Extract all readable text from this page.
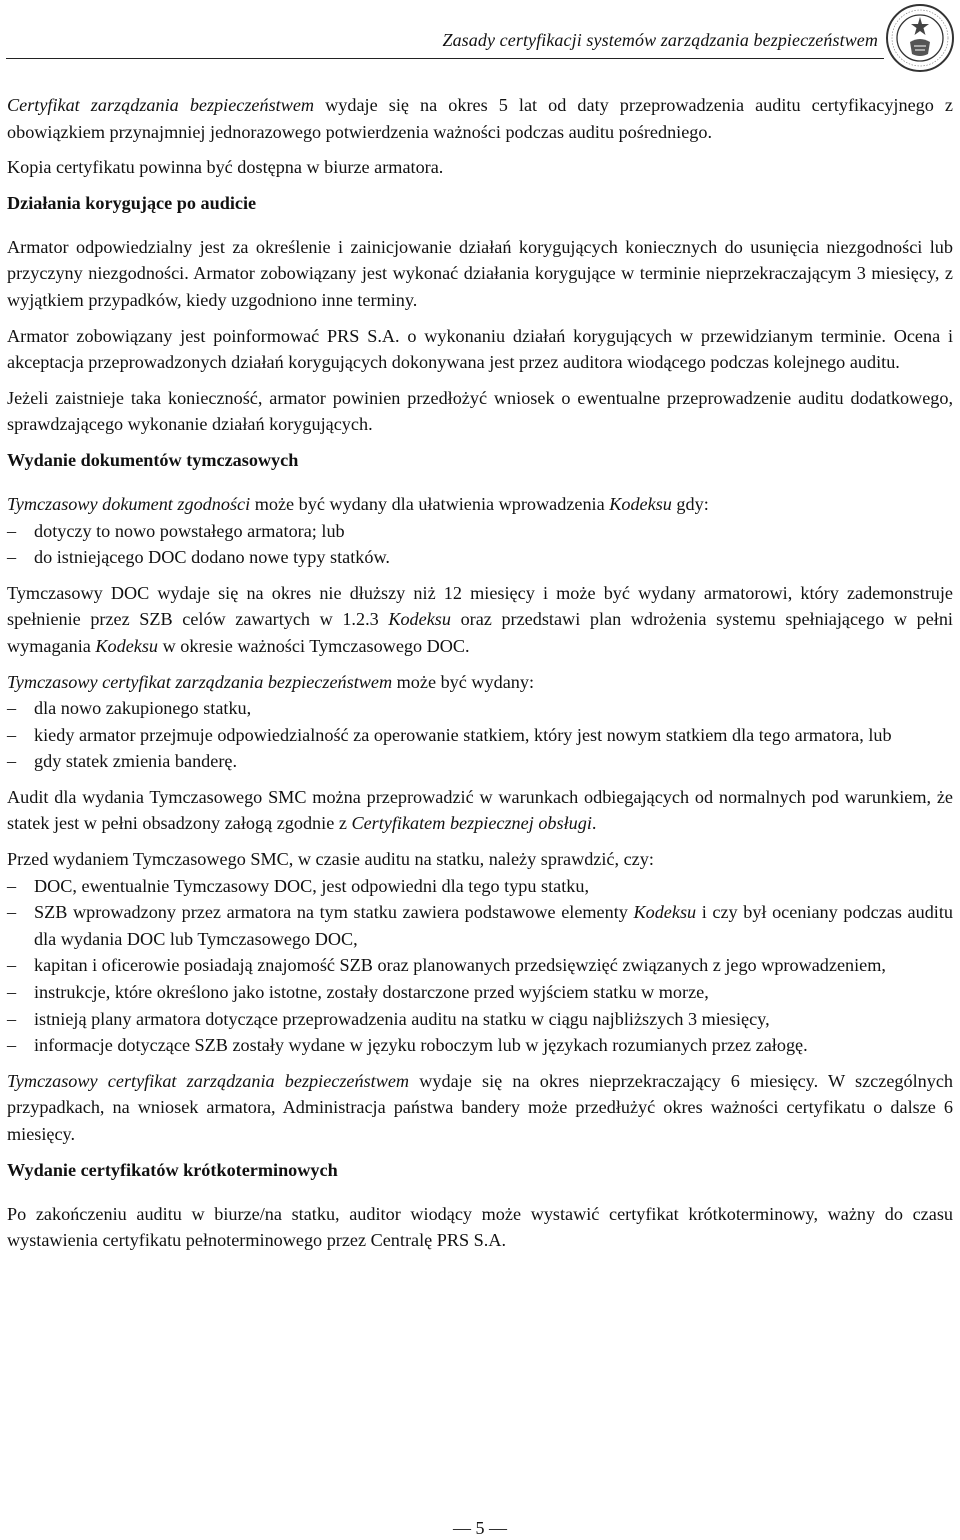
Zasady certyfikacji systemów zarządzania bezpieczeństwem

Certyfikat zarządzania bezpieczeństwem wydaje się na okres 5 lat od daty przeprowadzenia auditu certyfikacyjnego z obowiązkiem przynajmniej jednorazowego potwierdzenia ważności podczas auditu pośredniego.

Kopia certyfikatu powinna być dostępna w biurze armatora.

Działania korygujące po audicie

Armator odpowiedzialny jest za określenie i zainicjowanie działań korygujących koniecznych do usunięcia niezgodności lub przyczyny niezgodności. Armator zobowiązany jest wykonać działania korygujące w terminie nieprzekraczającym 3 miesięcy, z wyjątkiem przypadków, kiedy uzgodniono inne terminy.

Armator zobowiązany jest poinformować PRS S.A. o wykonaniu działań korygujących w przewidzianym terminie. Ocena i akceptacja przeprowadzonych działań korygujących dokonywana jest przez auditora wiodącego podczas kolejnego auditu.

Jeżeli zaistnieje taka konieczność, armator powinien przedłożyć wniosek o ewentualne przeprowadzenie auditu dodatkowego, sprawdzającego wykonanie działań korygujących.

Wydanie dokumentów tymczasowych

Tymczasowy dokument zgodności może być wydany dla ułatwienia wprowadzenia Kodeksu gdy:

– dotyczy to nowo powstałego armatora; lub
– do istniejącego DOC dodano nowe typy statków.

Tymczasowy DOC wydaje się na okres nie dłuższy niż 12 miesięcy i może być wydany armatorowi, który zademonstruje spełnienie przez SZB celów zawartych w 1.2.3 Kodeksu oraz przedstawi plan wdrożenia systemu spełniającego w pełni wymagania Kodeksu w okresie ważności Tymczasowego DOC.

Tymczasowy certyfikat zarządzania bezpieczeństwem może być wydany:

– dla nowo zakupionego statku,
– kiedy armator przejmuje odpowiedzialność za operowanie statkiem, który jest nowym statkiem dla tego armatora, lub
– gdy statek zmienia banderę.

Audit dla wydania Tymczasowego SMC można przeprowadzić w warunkach odbiegających od normalnych pod warunkiem, że statek jest w pełni obsadzony załogą zgodnie z Certyfikatem bezpiecznej obsługi.

Przed wydaniem Tymczasowego SMC, w czasie auditu na statku, należy sprawdzić, czy:

– DOC, ewentualnie Tymczasowy DOC, jest odpowiedni dla tego typu statku,
– SZB wprowadzony przez armatora na tym statku zawiera podstawowe elementy Kodeksu i czy był oceniany podczas auditu dla wydania DOC lub Tymczasowego DOC,
– kapitan i oficerowie posiadają znajomość SZB oraz planowanych przedsięwzięć związanych z jego wprowadzeniem,
– instrukcje, które określono jako istotne, zostały dostarczone przed wyjściem statku w morze,
– istnieją plany armatora dotyczące przeprowadzenia auditu na statku w ciągu najbliższych 3 miesięcy,
– informacje dotyczące SZB zostały wydane w języku roboczym lub w językach rozumianych przez załogę.

Tymczasowy certyfikat zarządzania bezpieczeństwem wydaje się na okres nieprzekraczający 6 miesięcy. W szczególnych przypadkach, na wniosek armatora, Administracja państwa bandery może przedłużyć okres ważności certyfikatu o dalsze 6 miesięcy.

Wydanie certyfikatów krótkoterminowych

Po zakończeniu auditu w biurze/na statku, auditor wiodący może wystawić certyfikat krótkoterminowy, ważny do czasu wystawienia certyfikatu pełnoterminowego przez Centralę PRS S.A.

— 5 —
